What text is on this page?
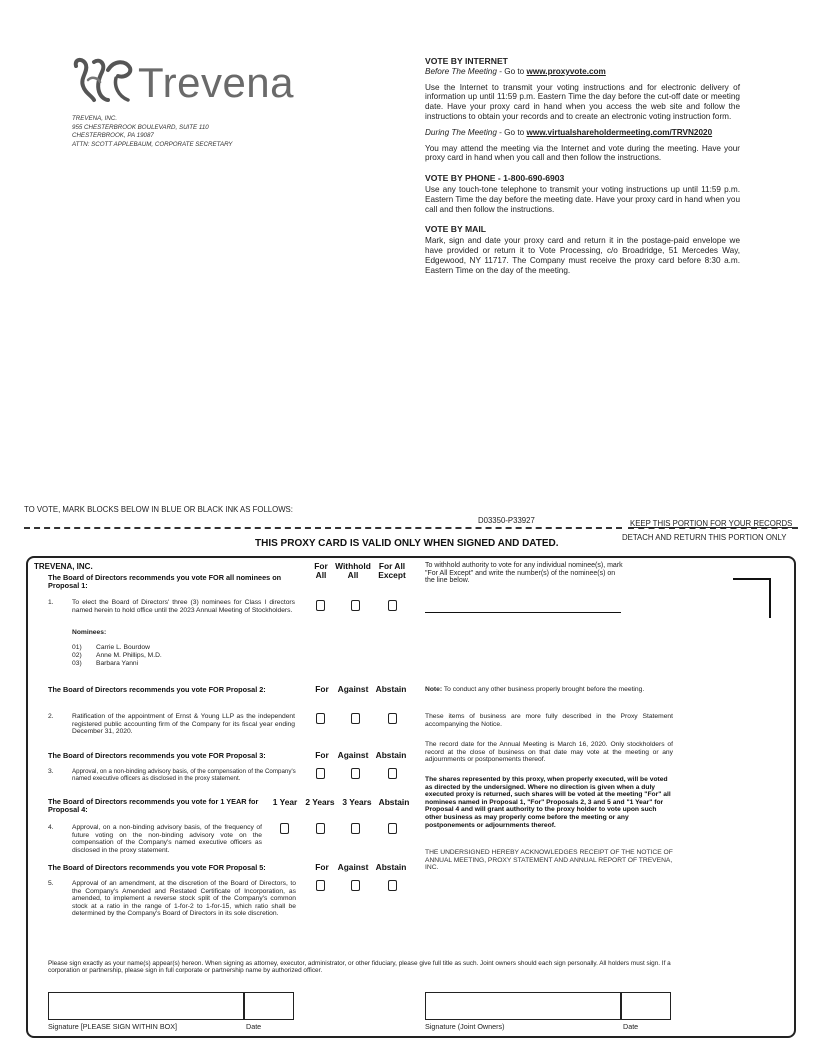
Trevena
TREVENA, INC.
955 CHESTERBROOK BOULEVARD, SUITE 110
CHESTERBROOK, PA 19087
ATTN: SCOTT APPLEBAUM, CORPORATE SECRETARY
VOTE BY INTERNET
Before The Meeting - Go to www.proxyvote.com
Use the Internet to transmit your voting instructions and for electronic delivery of information up until 11:59 p.m. Eastern Time the day before the cut-off date or meeting date. Have your proxy card in hand when you access the web site and follow the instructions to obtain your records and to create an electronic voting instruction form.
During The Meeting - Go to www.virtualshareholdermeeting.com/TRVN2020
You may attend the meeting via the Internet and vote during the meeting. Have your proxy card in hand when you call and then follow the instructions.
VOTE BY PHONE - 1-800-690-6903
Use any touch-tone telephone to transmit your voting instructions up until 11:59 p.m. Eastern Time the day before the meeting date. Have your proxy card in hand when you call and then follow the instructions.
VOTE BY MAIL
Mark, sign and date your proxy card and return it in the postage-paid envelope we have provided or return it to Vote Processing, c/o Broadridge, 51 Mercedes Way, Edgewood, NY 11717. The Company must receive the proxy card before 8:30 a.m. Eastern Time on the day of the meeting.
TO VOTE, MARK BLOCKS BELOW IN BLUE OR BLACK INK AS FOLLOWS:
D03350-P33927	KEEP THIS PORTION FOR YOUR RECORDS
DETACH AND RETURN THIS PORTION ONLY
THIS PROXY CARD IS VALID ONLY WHEN SIGNED AND DATED.
TREVENA, INC.
The Board of Directors recommends you vote FOR all nominees on Proposal 1:
For All
Withhold All
For All Except
1.	To elect the Board of Directors' three (3) nominees for Class I directors named herein to hold office until the 2023 Annual Meeting of Stockholders.
Nominees:
01) Carrie L. Bourdow
02) Anne M. Phillips, M.D.
03) Barbara Yanni
To withhold authority to vote for any individual nominee(s), mark "For All Except" and write the number(s) of the nominee(s) on the line below.
The Board of Directors recommends you vote FOR Proposal 2:	For	Against Abstain
2.	Ratification of the appointment of Ernst & Young LLP as the independent registered public accounting firm of the Company for its fiscal year ending December 31, 2020.
The Board of Directors recommends you vote FOR Proposal 3:	For	Against Abstain
3.	Approval, on a non-binding advisory basis, of the compensation of the Company's named executive officers as disclosed in the proxy statement.
The Board of Directors recommends you vote for 1 YEAR for Proposal 4:
1 Year 2 Years 3 Years Abstain
4.	Approval, on a non-binding advisory basis, of the frequency of future voting on the non-binding advisory vote on the compensation of the Company's named executive officers as disclosed in the proxy statement.
The Board of Directors recommends you vote FOR Proposal 5:	For	Against Abstain
5.	Approval of an amendment, at the discretion of the Board of Directors, to the Company's Amended and Restated Certificate of Incorporation, as amended, to implement a reverse stock split of the Company's common stock at a ratio in the range of 1-for-2 to 1-for-15, which ratio shall be determined by the Company's Board of Directors in its sole discretion.
Note: To conduct any other business properly brought before the meeting.
These items of business are more fully described in the Proxy Statement accompanying the Notice.
The record date for the Annual Meeting is March 16, 2020. Only stockholders of record at the close of business on that date may vote at the meeting or any adjournments or postponements thereof.
The shares represented by this proxy, when properly executed, will be voted as directed by the undersigned. Where no direction is given when a duly executed proxy is returned, such shares will be voted at the meeting "For" all nominees named in Proposal 1, "For" Proposals 2, 3 and 5 and "1 Year" for Proposal 4 and will grant authority to the proxy holder to vote upon such other business as may properly come before the meeting or any postponements or adjournments thereof.
THE UNDERSIGNED HEREBY ACKNOWLEDGES RECEIPT OF THE NOTICE OF ANNUAL MEETING, PROXY STATEMENT AND ANNUAL REPORT OF TREVENA, INC.
Please sign exactly as your name(s) appear(s) hereon. When signing as attorney, executor, administrator, or other fiduciary, please give full title as such. Joint owners should each sign personally. All holders must sign. If a corporation or partnership, please sign in full corporate or partnership name by authorized officer.
Signature [PLEASE SIGN WITHIN BOX]	Date	Signature (Joint Owners)	Date
